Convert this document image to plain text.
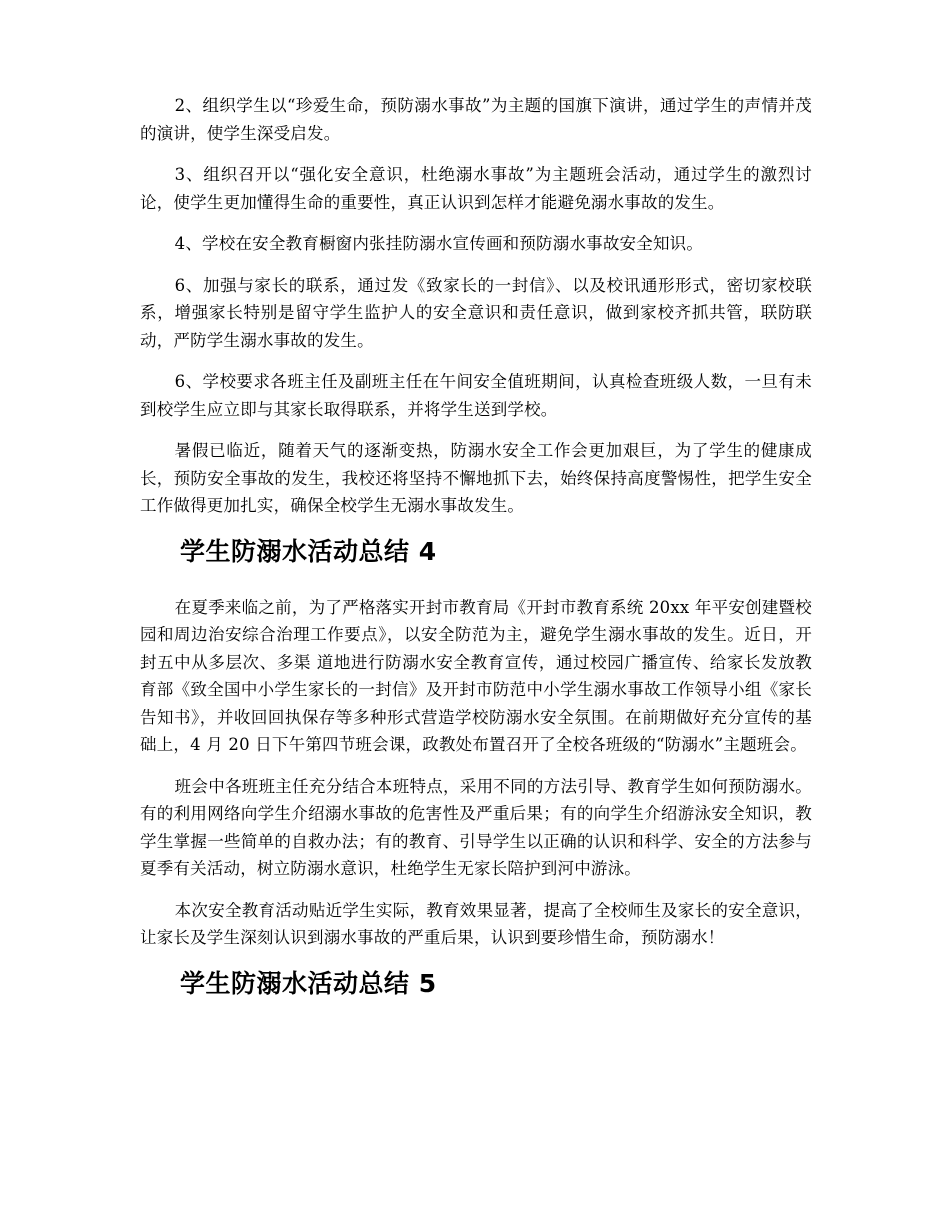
2、组织学生以“珍爱生命，预防溺水事故”为主题的国旗下演讲，通过学生的声情并茂的演讲，使学生深受启发。

3、组织召开以“强化安全意识，杜绝溺水事故”为主题班会活动，通过学生的激烈讨论，使学生更加懂得生命的重要性，真正认识到怎样才能避免溺水事故的发生。

4、学校在安全教育橱窗内张挂防溺水宣传画和预防溺水事故安全知识。

6、加强与家长的联系，通过发《致家长的一封信》、以及校讯通形形式，密切家校联系，增强家长特别是留守学生监护人的安全意识和责任意识，做到家校齐抓共管，联防联动，严防学生溺水事故的发生。

6、学校要求各班主任及副班主任在午间安全值班期间，认真检查班级人数，一旦有未到校学生应立即与其家长取得联系，并将学生送到学校。

暑假已临近，随着天气的逐渐变热，防溺水安全工作会更加艰巨，为了学生的健康成长，预防安全事故的发生，我校还将坚持不懈地抓下去，始终保持高度警惕性，把学生安全工作做得更加扎实，确保全校学生无溺水事故发生。

学生防溺水活动总结 4

在夏季来临之前，为了严格落实开封市教育局《开封市教育系统 20xx 年平安创建暨校园和周边治安综合治理工作要点》，以安全防范为主，避免学生溺水事故的发生。近日，开封五中从多层次、多渠 道地进行防溺水安全教育宣传，通过校园广播宣传、给家长发放教育部《致全国中小学生家长的一封信》及开封市防范中小学生溺水事故工作领导小组《家长告知书》，并收回回执保存等多种形式营造学校防溺水安全氛围。在前期做好充分宣传的基础上，4 月 20 日下午第四节班会课，政教处布置召开了全校各班级的“防溺水”主题班会。

班会中各班班主任充分结合本班特点，采用不同的方法引导、教育学生如何预防溺水。有的利用网络向学生介绍溺水事故的危害性及严重后果；有的向学生介绍游泳安全知识，教学生掌握一些简单的自救办法；有的教育、引导学生以正确的认识和科学、安全的方法参与夏季有关活动，树立防溺水意识，杜绝学生无家长陪护到河中游泳。

本次安全教育活动贴近学生实际，教育效果显著，提高了全校师生及家长的安全意识，让家长及学生深刻认识到溺水事故的严重后果，认识到要珍惜生命，预防溺水！

学生防溺水活动总结 5
